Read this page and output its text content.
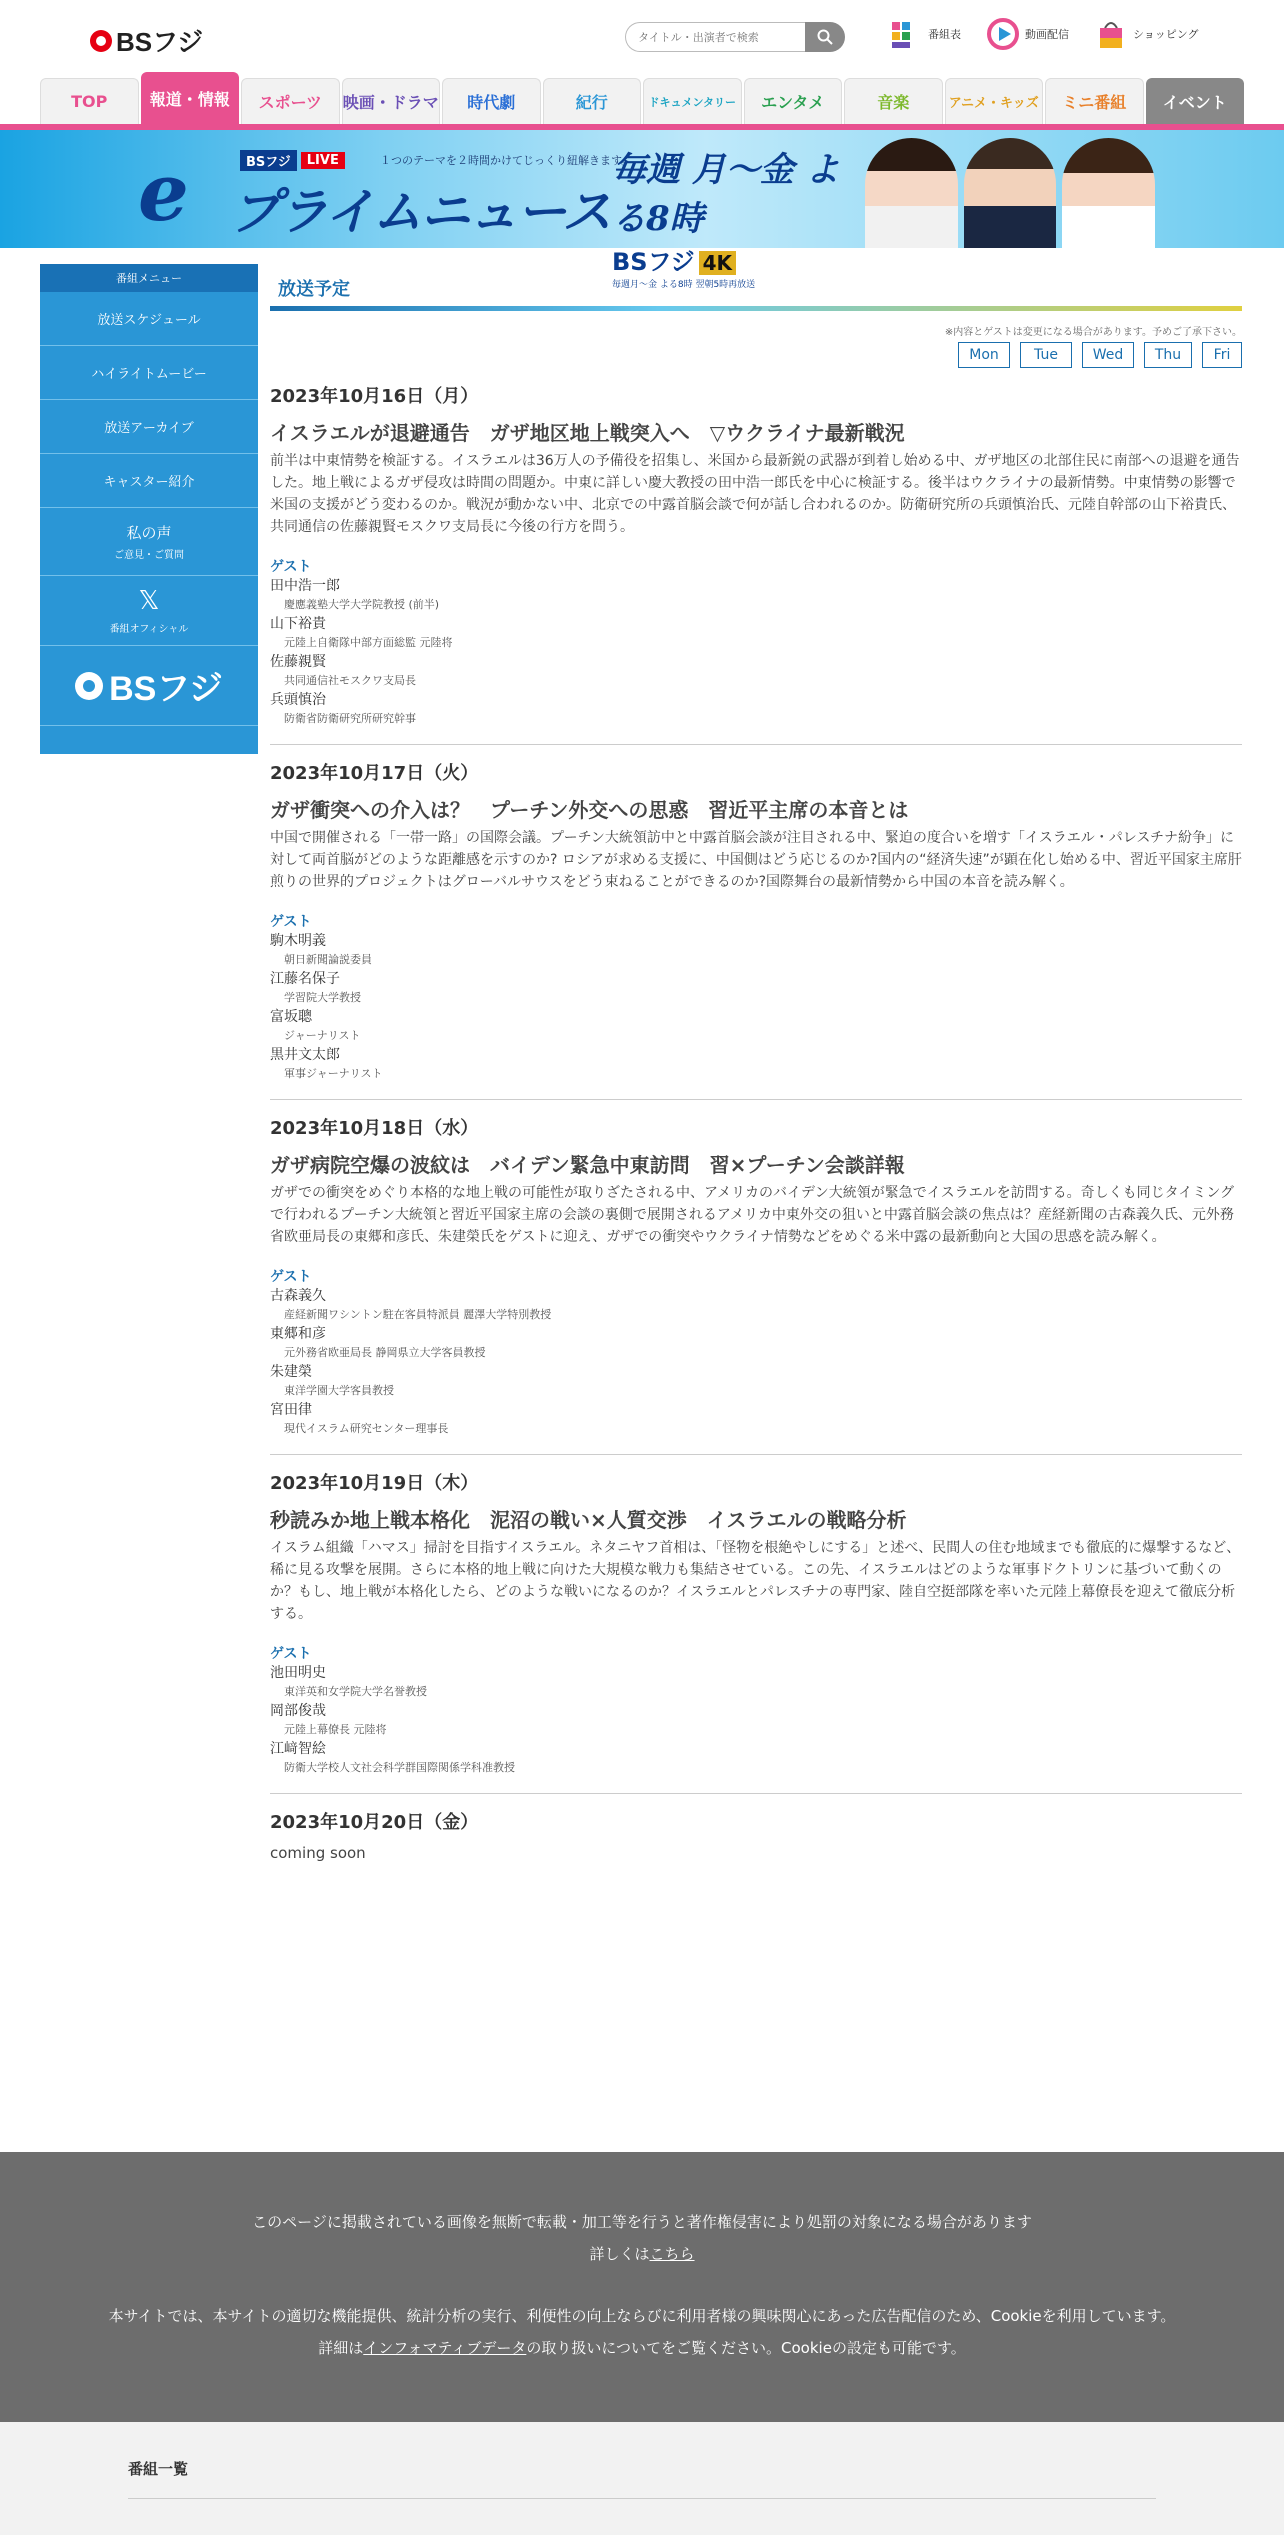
BSフジ
タイトル・出演者で検索	番組表	動画配信	ショッピング
TOP	報道・情報 スポーツ 映画・ドラマ 時代劇	紀行	ドキュメンタリー エンタメ	音楽	アニメ・キッズ ミニ番組 イベント
BSフジ	LIVE	１つのテーマを２時間かけてじっくり紐解きます。
e プライムニュース
毎週 月～金 よる8時
BSフジ 4K
毎週月～金 よる8時 翌朝5時再放送
番組メニュー
放送スケジュール
ハイライトムービー
放送アーカイブ
キャスター紹介
私の声
ご意見・ご質問
𝕏
番組オフィシャル
BSフジ
放送予定
※内容とゲストは変更になる場合があります。予めご了承下さい。
Mon	Tue	Wed	Thu	Fri
2023年10月16日（月）
イスラエルが退避通告　ガザ地区地上戦突入へ　▽ウクライナ最新戦況
前半は中東情勢を検証する。イスラエルは36万人の予備役を招集し、米国から最新鋭の武器が到着し始める中、ガザ地区の北部住民に南部への退避を通告した。地上戦によるガザ侵攻は時間の問題か。中東に詳しい慶大教授の田中浩一郎氏を中心に検証する。後半はウクライナの最新情勢。中東情勢の影響で米国の支援がどう変わるのか。戦況が動かない中、北京での中露首脳会談で何が話し合われるのか。防衛研究所の兵頭慎治氏、元陸自幹部の山下裕貴氏、共同通信の佐藤親賢モスクワ支局長に今後の行方を問う。
ゲスト
田中浩一郎
慶應義塾大学大学院教授 (前半)
山下裕貴
元陸上自衛隊中部方面総監 元陸将
佐藤親賢
共同通信社モスクワ支局長
兵頭慎治
防衛省防衛研究所研究幹事
2023年10月17日（火）
ガザ衝突への介入は？　プーチン外交への思惑　習近平主席の本音とは
中国で開催される「一帯一路」の国際会議。プーチン大統領訪中と中露首脳会談が注目される中、緊迫の度合いを増す「イスラエル・パレスチナ紛争」に対して両首脳がどのような距離感を示すのか? ロシアが求める支援に、中国側はどう応じるのか?国内の“経済失速”が顕在化し始める中、習近平国家主席肝煎りの世界的プロジェクトはグローバルサウスをどう束ねることができるのか?国際舞台の最新情勢から中国の本音を読み解く。
ゲスト
駒木明義
朝日新聞論説委員
江藤名保子
学習院大学教授
富坂聰
ジャーナリスト
黒井文太郎
軍事ジャーナリスト
2023年10月18日（水）
ガザ病院空爆の波紋は　バイデン緊急中東訪問　習×プーチン会談詳報
ガザでの衝突をめぐり本格的な地上戦の可能性が取りざたされる中、アメリカのバイデン大統領が緊急でイスラエルを訪問する。奇しくも同じタイミングで行われるプーチン大統領と習近平国家主席の会談の裏側で展開されるアメリカ中東外交の狙いと中露首脳会談の焦点は？産経新聞の古森義久氏、元外務省欧亜局長の東郷和彦氏、朱建榮氏をゲストに迎え、ガザでの衝突やウクライナ情勢などをめぐる米中露の最新動向と大国の思惑を読み解く。
ゲスト
古森義久
産経新聞ワシントン駐在客員特派員 麗澤大学特別教授
東郷和彦
元外務省欧亜局長 静岡県立大学客員教授
朱建榮
東洋学園大学客員教授
宮田律
現代イスラム研究センター理事長
2023年10月19日（木）
秒読みか地上戦本格化　泥沼の戦い×人質交渉　イスラエルの戦略分析
イスラム組織「ハマス」掃討を目指すイスラエル。ネタニヤフ首相は、「怪物を根絶やしにする」と述べ、民間人の住む地域までも徹底的に爆撃するなど、稀に見る攻撃を展開。さらに本格的地上戦に向けた大規模な戦力も集結させている。この先、イスラエルはどのような軍事ドクトリンに基づいて動くのか？もし、地上戦が本格化したら、どのような戦いになるのか？イスラエルとパレスチナの専門家、陸自空挺部隊を率いた元陸上幕僚長を迎えて徹底分析する。
ゲスト
池田明史
東洋英和女学院大学名誉教授
岡部俊哉
元陸上幕僚長 元陸将
江﨑智絵
防衛大学校人文社会科学群国際関係学科准教授
2023年10月20日（金）
coming soon

このページに掲載されている画像を無断で転載・加工等を行うと著作権侵害により処罰の対象になる場合があります

詳しくはこちら

本サイトでは、本サイトの適切な機能提供、統計分析の実行、利便性の向上ならびに利用者様の興味関心にあった広告配信のため、Cookieを利用しています。

詳細はインフォマティブデータの取り扱いについてをご覧ください。Cookieの設定も可能です。

番組一覧
